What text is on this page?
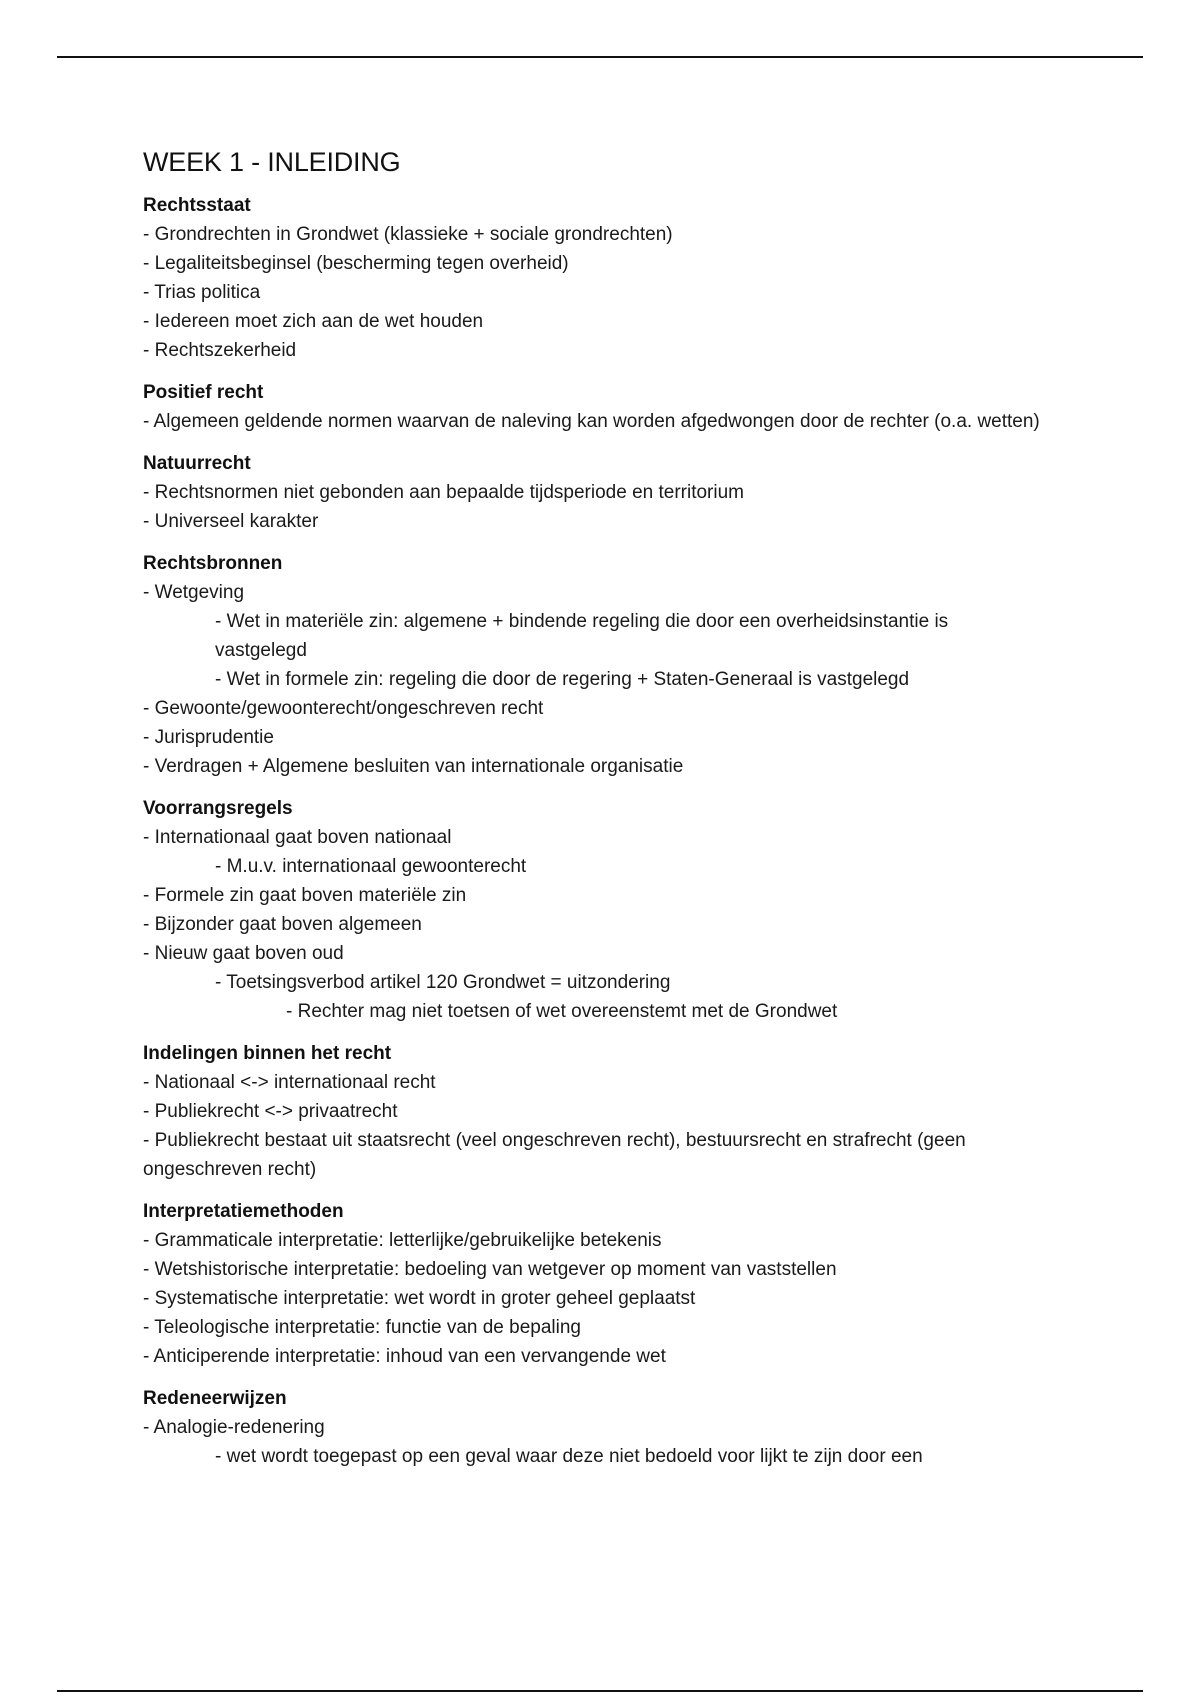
WEEK 1 - INLEIDING
Rechtsstaat
- Grondrechten in Grondwet (klassieke + sociale grondrechten)
- Legaliteitsbeginsel (bescherming tegen overheid)
- Trias politica
- Iedereen moet zich aan de wet houden
- Rechtszekerheid
Positief recht
- Algemeen geldende normen waarvan de naleving kan worden afgedwongen door de rechter (o.a. wetten)
Natuurrecht
- Rechtsnormen niet gebonden aan bepaalde tijdsperiode en territorium
- Universeel karakter
Rechtsbronnen
- Wetgeving
- Wet in materiële zin: algemene + bindende regeling die door een overheidsinstantie is vastgelegd
- Wet in formele zin: regeling die door de regering + Staten-Generaal is vastgelegd
- Gewoonte/gewoonterecht/ongeschreven recht
- Jurisprudentie
- Verdragen + Algemene besluiten van internationale organisatie
Voorrangsregels
- Internationaal gaat boven nationaal
- M.u.v. internationaal gewoonterecht
- Formele zin gaat boven materiële zin
- Bijzonder gaat boven algemeen
- Nieuw gaat boven oud
- Toetsingsverbod artikel 120 Grondwet = uitzondering
- Rechter mag niet toetsen of wet overeenstemt met de Grondwet
Indelingen binnen het recht
- Nationaal <-> internationaal recht
- Publiekrecht <-> privaatrecht
- Publiekrecht bestaat uit staatsrecht (veel ongeschreven recht), bestuursrecht en strafrecht (geen ongeschreven recht)
Interpretatiemethoden
- Grammaticale interpretatie: letterlijke/gebruikelijke betekenis
- Wetshistorische interpretatie: bedoeling van wetgever op moment van vaststellen
- Systematische interpretatie: wet wordt in groter geheel geplaatst
- Teleologische interpretatie: functie van de bepaling
- Anticiperende interpretatie: inhoud van een vervangende wet
Redeneerwijzen
- Analogie-redenering
- wet wordt toegepast op een geval waar deze niet bedoeld voor lijkt te zijn door een
